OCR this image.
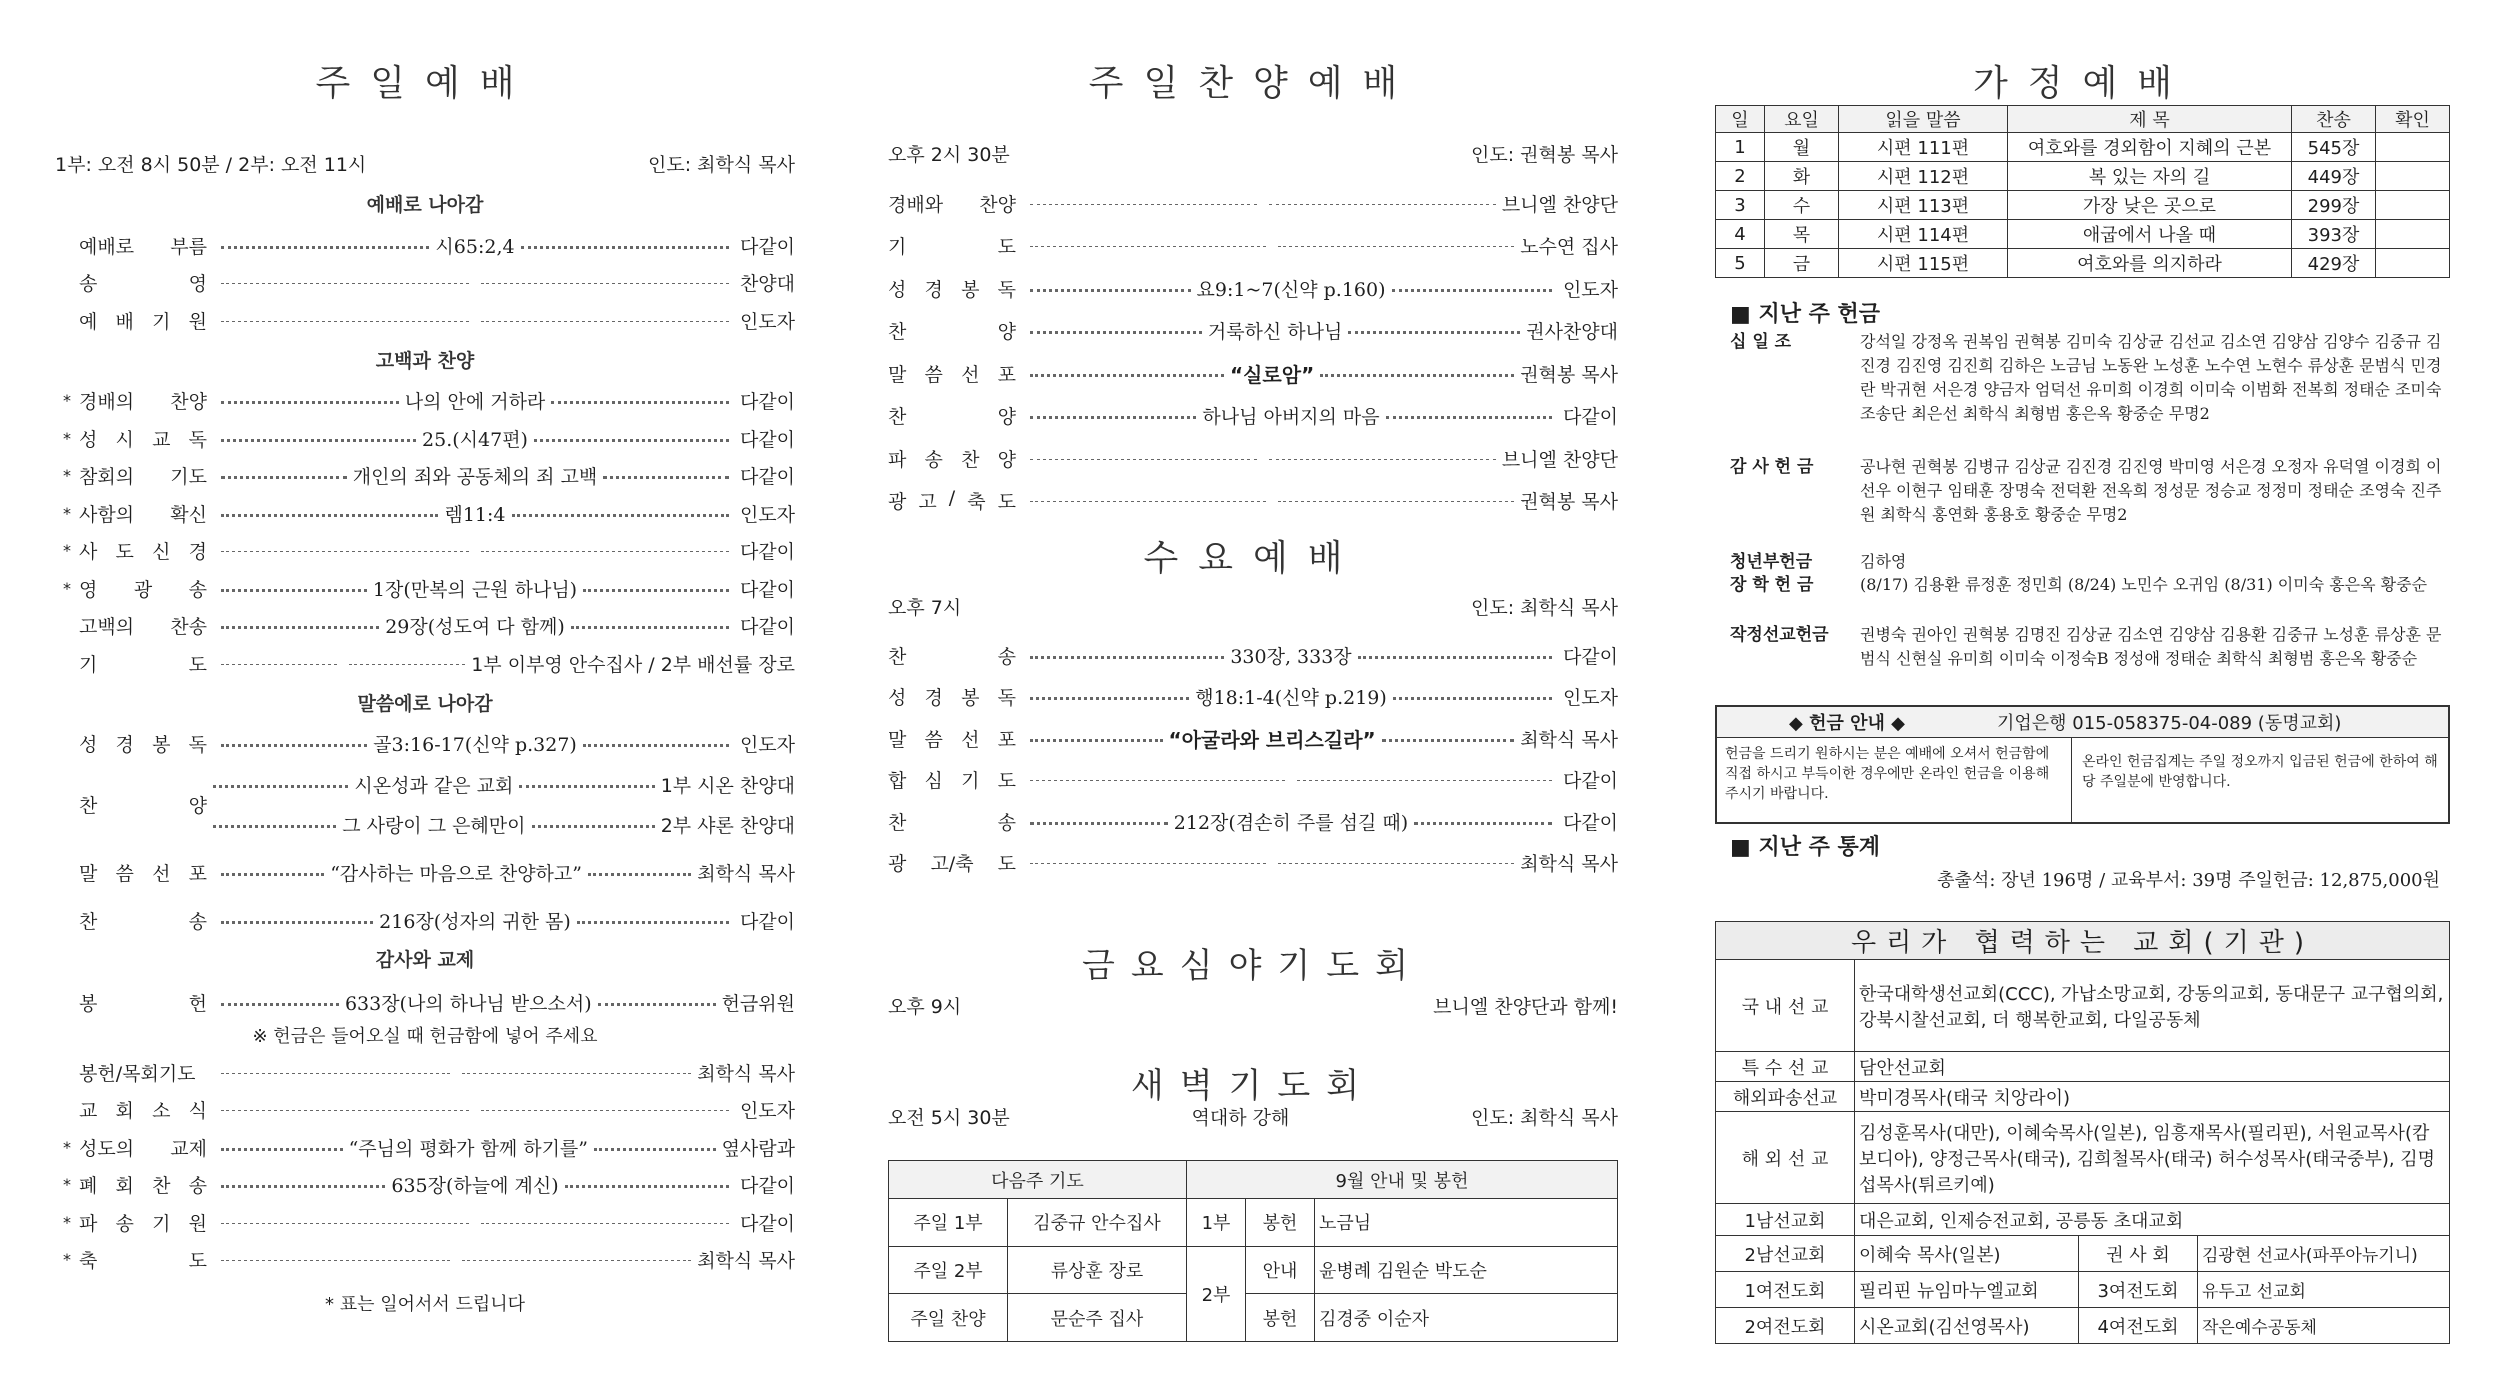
주일예배
1부: 오전 8시 50분 / 2부: 오전 11시	인도: 최학식 목사
예배로 나아감
예배로 부름	시65:2,4	다같이
송	영	찬양대
예 배 기 원	인도자
고백과 찬양
* 경배의 찬양	나의 안에 거하라	다같이
* 성 시 교 독	25.(시47편)	다같이
* 참회의 기도	개인의 죄와 공동체의 죄 고백	다같이
* 사함의 확신	렘11:4	인도자
* 사 도 신 경	다같이
* 영 광 송	1장(만복의 근원 하나님)	다같이
고백의 찬송	29장(성도여 다 함께)	다같이
기	도	1부 이부영 안수집사 / 2부 배선률 장로
말씀에로 나아감
성 경 봉 독	골3:16-17(신약 p.327)	인도자
찬	양
시온성과 같은 교회	1부 시온 찬양대
그 사랑이 그 은혜만이	2부 샤론 찬양대
말 씀 선 포	“감사하는 마음으로 찬양하고”	최학식 목사
찬	송	216장(성자의 귀한 몸)	다같이
감사와 교제
봉	헌	633장(나의 하나님 받으소서)	헌금위원
※ 헌금은 들어오실 때 헌금함에 넣어 주세요
봉헌/목회기도	최학식 목사
교 회 소 식	인도자
* 성도의 교제	“주님의 평화가 함께 하기를”	옆사람과
* 폐 회 찬 송	635장(하늘에 계신)	다같이
* 파 송 기 원	다같이
* 축	도	최학식 목사
* 표는 일어서서 드립니다
주일찬양예배
오후 2시 30분	인도: 권혁봉 목사
경배와 찬양	브니엘 찬양단
기	도	노수연 집사
성 경 봉 독	요9:1~7(신약 p.160)	인도자
찬	양	거룩하신 하나님	권사찬양대
말 씀 선 포	“실로암”	권혁봉 목사
찬	양	하나님 아버지의 마음	다같이
파 송 찬 양	브니엘 찬양단
광 고 / 축 도	권혁봉 목사
수요예배
오후 7시	인도: 최학식 목사
찬	송	330장, 333장	다같이
성 경 봉 독	행18:1-4(신약 p.219)	인도자
말 씀 선 포	“아굴라와 브리스길라”	최학식 목사
합 심 기 도	다같이
찬	송	212장(겸손히 주를 섬길 때)	다같이
광 고/축 도	최학식 목사
금요심야기도회
오후 9시	브니엘 찬양단과 함께!
새벽기도회
오전 5시 30분	역대하 강해	인도: 최학식 목사
다음주 기도		9월 안내 및 봉헌		
주일 1부	김중규 안수집사	1부	봉헌	노금님
주일 2부	류상훈 장로	2부	안내	윤병례 김원순 박도순
주일 찬양	문순주 집사		봉헌	김경중 이순자
가정예배
일	요일	읽을 말씀	제 목	찬송	확인
1	월	시편 111편	여호와를 경외함이 지혜의 근본	545장	
2	화	시편 112편	복 있는 자의 길	449장	
3	수	시편 113편	가장 낮은 곳으로	299장	
4	목	시편 114편	애굽에서 나올 때	393장	
5	금	시편 115편	여호와를 의지하라	429장	
■ 지난 주 헌금
십 일 조	강석일 강정옥 권복임 권혁봉 김미숙 김상균 김선교 김소연 김양삼 김양수 김중규 김진경 김진영 김진희 김하은 노금님 노동완 노성훈 노수연 노현수 류상훈 문범식 민경란 박귀현 서은경 양금자 엄덕선 유미희 이경희 이미숙 이범화 전복희 정태순 조미숙 조송단 최은선 최학식 최형범 홍은옥 황중순 무명2
감 사 헌 금	공나현 권혁봉 김병규 김상균 김진경 김진영 박미영 서은경 오정자 유덕열 이경희 이선우 이현구 임태훈 장명숙 전덕환 전옥희 정성문 정승교 정정미 정태순 조영숙 진주원 최학식 홍연화 홍용호 황중순 무명2
청년부헌금	김하영
장 학 헌 금	(8/17) 김용환 류정훈 정민희 (8/24) 노민수 오귀임 (8/31) 이미숙 홍은옥 황중순
작정선교헌금	권병숙 권아인 권혁봉 김명진 김상균 김소연 김양삼 김용환 김중규 노성훈 류상훈 문범식 신현실 유미희 이미숙 이정숙B 정성애 정태순 최학식 최형범 홍은옥 황중순
◆ 헌금 안내 ◆	기업은행 015-058375-04-089 (동명교회)
헌금을 드리기 원하시는 분은 예배에 오셔서 헌금함에 직접 하시고 부득이한 경우에만 온라인 헌금을 이용해 주시기 바랍니다.
온라인 헌금집계는 주일 정오까지 입금된 헌금에 한하여 해당 주일분에 반영합니다.
■ 지난 주 통계
총출석: 장년 196명 / 교육부서: 39명 주일헌금: 12,875,000원
우리가 협력하는 교회(기관)			
국 내 선 교	한국대학생선교회(CCC), 가납소망교회, 강동의교회, 동대문구 교구협의회, 강북시찰선교회, 더 행복한교회, 다일공동체		
특 수 선 교	담안선교회		
해외파송선교	박미경목사(태국 치앙라이)		
해 외 선 교	김성훈목사(대만), 이혜숙목사(일본), 임흥재목사(필리핀), 서원교목사(캄보디아), 양정근목사(태국), 김희철목사(태국) 허수성목사(태국중부), 김명섭목사(튀르키예)		
1남선교회	대은교회, 인제승전교회, 공릉동 초대교회		
2남선교회	이혜숙 목사(일본)	권 사 회	김광현 선교사(파푸아뉴기니)
1여전도회	필리핀 뉴임마누엘교회	3여전도회	유두고 선교회
2여전도회	시온교회(김선영목사)	4여전도회	작은예수공동체
